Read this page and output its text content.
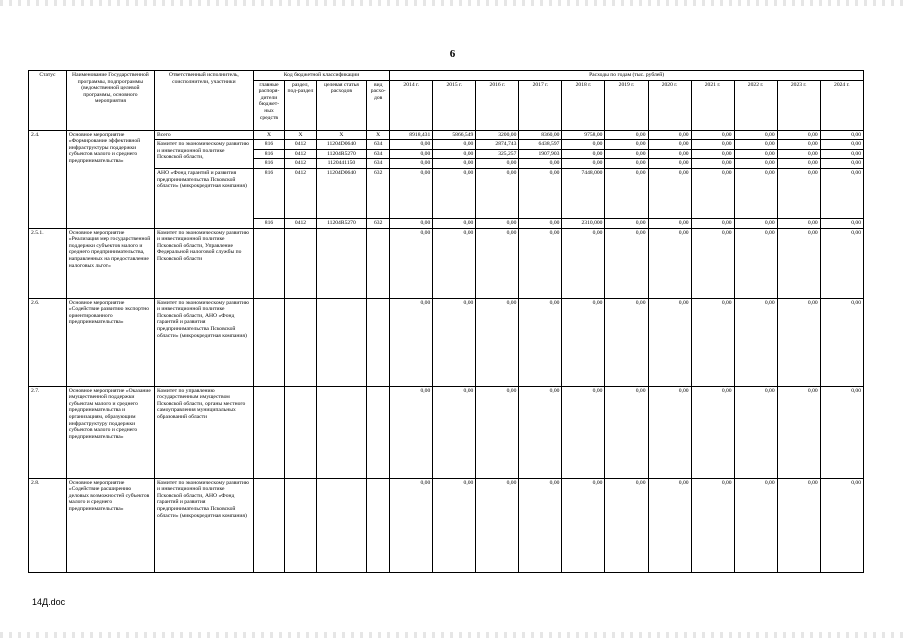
6
Статус	Наименование Государственной программы, подпрограммы (ведомственной целевой программы, основного мероприятия	Ответственный исполнитель, соисполнители, участники	Код бюджетной классификации				Расходы по годам (тыс. рублей)										
			главные распоря-дители бюджет-ных средств	раздел, под-раздел	целевая статья расходов	вид расхо-дов	2014 г.	2015 г.	2016 г.	2017 г.	2018 г.	2019 г.	2020 г.	2021 г.	2022 г.	2023 г.	2024 г.
2.4.	Основное мероприятие «Формирование эффективной инфраструктуры поддержки субъектов малого и среднего предпринимательства»	Всего	Х	Х	Х	Х	8918,431	5866,549	3200,00	8360,00	9758,00	0,00	0,00	0,00	0,00	0,00	0,00
		Комитет по экономическому развитию и инвестиционной политике Псковской области,	816	0412	11204D0640	634	0,00	0,00	2874,743	6438,597	0,00	0,00	0,00	0,00	0,00	0,00	0,00
			816	0412	11204R5270	634	0,00	0,00	325,257	1907,903	0,00	0,00	0,00	0,00	0,00	0,00	0,00
			816	0412	1120441150	634	0,00	0,00	0,00	0,00	0,00	0,00	0,00	0,00	0,00	0,00	0,00
		АНО «Фонд гарантий и развития предпринимательства Псковской области» (микрокредитная компания)	816	0412	11204D0640	632	0,00	0,00	0,00	0,00	7448,000	0,00	0,00	0,00	0,00	0,00	0,00
			816	0412	11204R5270	632	0,00	0,00	0,00	0,00	2310,000	0,00	0,00	0,00	0,00	0,00	0,00
2.5.1.	Основное мероприятие «Реализация мер государственной поддержки субъектов малого и среднего предпринимательства, направленных на предоставление налоговых льгот»	Комитет по экономическому развитию и инвестиционной политике Псковской области, Управление Федеральной налоговой службы по Псковской области					0,00	0,00	0,00	0,00	0,00	0,00	0,00	0,00	0,00	0,00	0,00
2.6.	Основное мероприятие «Содействие развитию экспортно ориентированного предпринимательства»	Комитет по экономическому развитию и инвестиционной политике Псковской области, АНО «Фонд гарантий и развития предпринимательства Псковской области» (микрокредитная компания)					0,00	0,00	0,00	0,00	0,00	0,00	0,00	0,00	0,00	0,00	0,00
2.7.	Основное мероприятие «Оказание имущественной поддержки субъектам малого и среднего предпринимательства и организациям, образующим инфраструктуру поддержки субъектов малого и среднего предпринимательства»	Комитет по управлению государственным имуществом Псковской области, органы местного самоуправления муниципальных образований области					0,00	0,00	0,00	0,00	0,00	0,00	0,00	0,00	0,00	0,00	0,00
2.8.	Основное мероприятие «Содействие расширению деловых возможностей субъектов малого и среднего предпринимательства»	Комитет по экономическому развитию и инвестиционной политике Псковской области, АНО «Фонд гарантий и развития предпринимательства Псковской области» (микрокредитная компания)					0,00	0,00	0,00	0,00	0,00	0,00	0,00	0,00	0,00	0,00	0,00
14Д.doc
